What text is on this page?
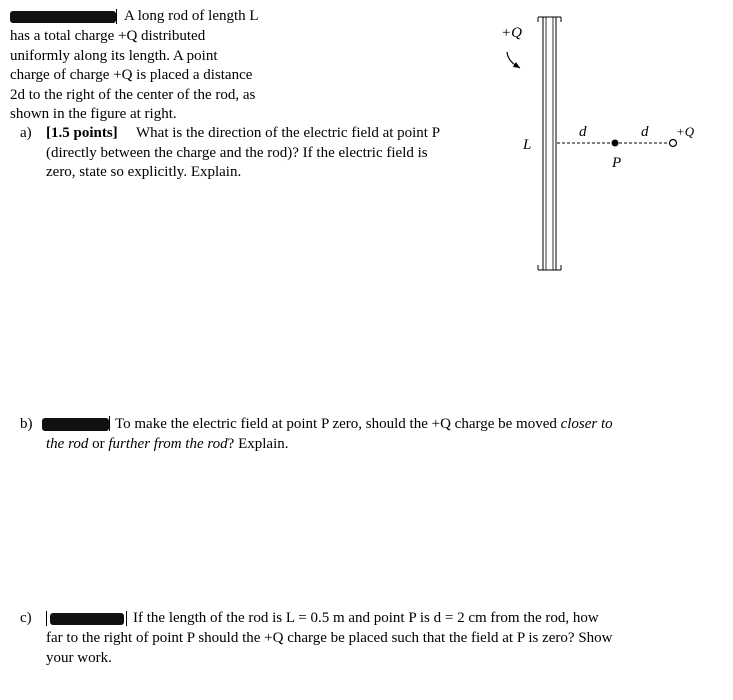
A long rod of length L
has a total charge +Q distributed
uniformly along its length. A point
charge of charge +Q is placed a distance
2d to the right of the center of the rod, as
shown in the figure at right.
a) [1.5 points] What is the direction of the electric field at point P
(directly between the charge and the rod)? If the electric field is
zero, state so explicitly. Explain.
+Q
L
d	d +Q
P
b)	To make the electric field at point P zero, should the +Q charge be moved closer to
the rod or further from the rod? Explain.
c)	If the length of the rod is L = 0.5 m and point P is d = 2 cm from the rod, how
far to the right of point P should the +Q charge be placed such that the field at P is zero? Show
your work.
